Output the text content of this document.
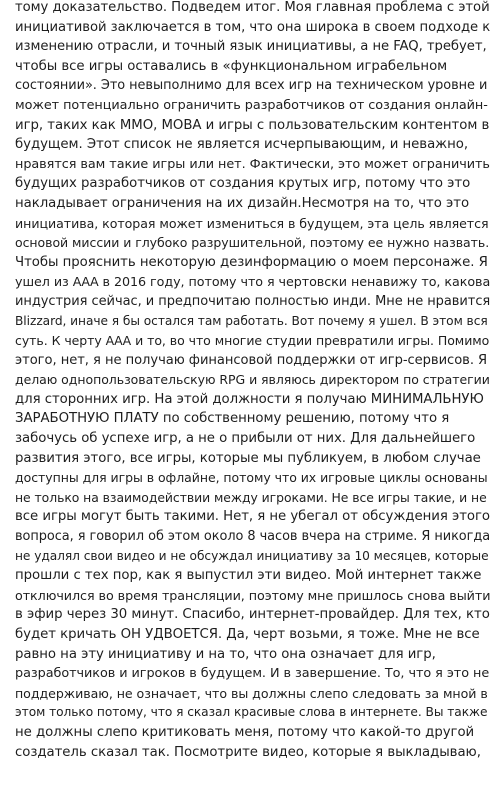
тому доказательство. Подведем итог. Моя главная проблема с этой
инициативой заключается в том, что она широка в своем подходе к
изменению отрасли, и точный язык инициативы, а не FAQ, требует,
чтобы все игры оставались в «функциональном играбельном
состоянии». Это невыполнимо для всех игр на техническом уровне и
может потенциально ограничить разработчиков от создания онлайн-
игр, таких как ММО, МОВА и игры с пользовательским контентом в
будущем. Этот список не является исчерпывающим, и неважно,
нравятся вам такие игры или нет. Фактически, это может ограничить
будущих разработчиков от создания крутых игр, потому что это
накладывает ограничения на их дизайн.Несмотря на то, что это
инициатива, которая может измениться в будущем, эта цель является
основой миссии и глубоко разрушительной, поэтому ее нужно назвать.
Чтобы прояснить некоторую дезинформацию о моем персонаже. Я
ушел из ААА в 2016 году, потому что я чертовски ненавижу то, какова
индустрия сейчас, и предпочитаю полностью инди. Мне не нравится
Blizzard, иначе я бы остался там работать. Вот почему я ушел. В этом вся
суть. К черту ААА и то, во что многие студии превратили игры. Помимо
этого, нет, я не получаю финансовой поддержки от игр-сервисов. Я
делаю однопользовательскую RPG и являюсь директором по стратегии
для сторонних игр. На этой должности я получаю МИНИМАЛЬНУЮ
ЗАРАБОТНУЮ ПЛАТУ по собственному решению, потому что я
забочусь об успехе игр, а не о прибыли от них. Для дальнейшего
развития этого, все игры, которые мы публикуем, в любом случае
доступны для игры в офлайне, потому что их игровые циклы основаны
не только на взаимодействии между игроками. Не все игры такие, и не
все игры могут быть такими. Нет, я не убегал от обсуждения этого
вопроса, я говорил об этом около 8 часов вчера на стриме. Я никогда
не удалял свои видео и не обсуждал инициативу за 10 месяцев, которые
прошли с тех пор, как я выпустил эти видео. Мой интернет также
отключился во время трансляции, поэтому мне пришлось снова выйти
в эфир через 30 минут. Спасибо, интернет-провайдер. Для тех, кто
будет кричать ОН УДВОЕТСЯ. Да, черт возьми, я тоже. Мне не все
равно на эту инициативу и на то, что она означает для игр,
разработчиков и игроков в будущем. И в завершение. То, что я это не
поддерживаю, не означает, что вы должны слепо следовать за мной в
этом только потому, что я сказал красивые слова в интернете. Вы также
не должны слепо критиковать меня, потому что какой-то другой
создатель сказал так. Посмотрите видео, которые я выкладываю,
